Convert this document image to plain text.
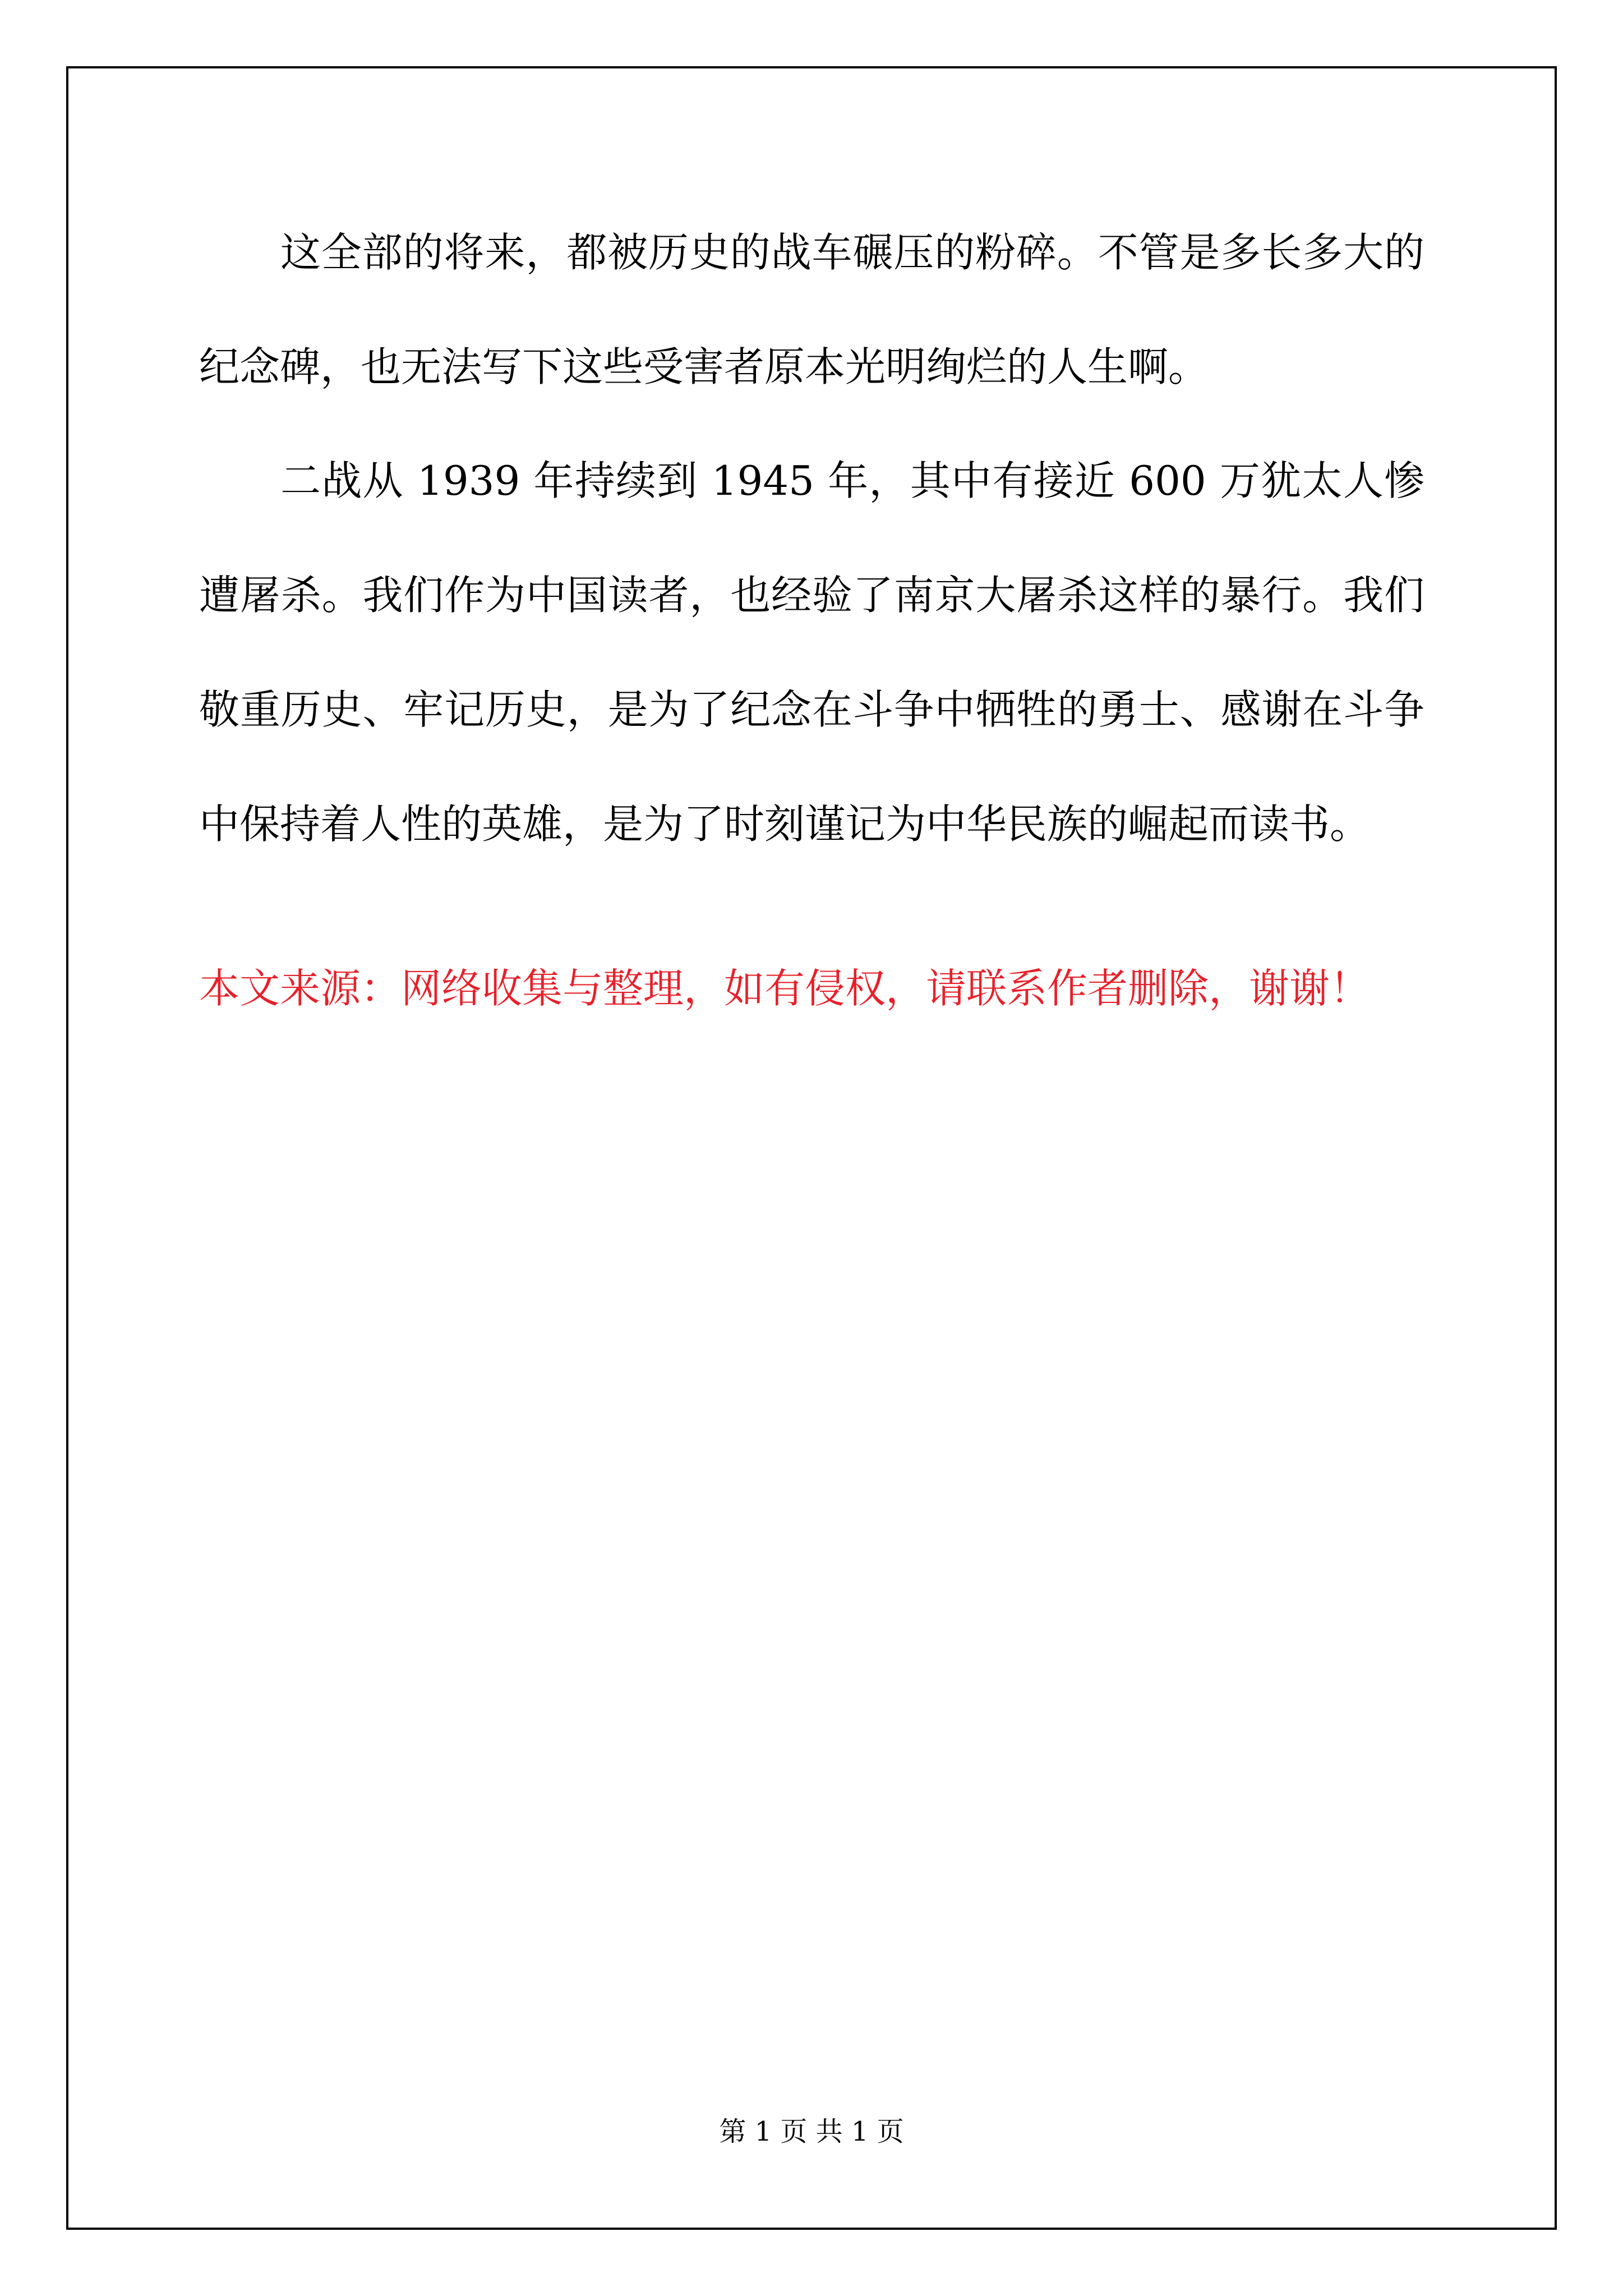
这全部的将来，都被历史的战车碾压的粉碎。不管是多长多大的纪念碑，也无法写下这些受害者原本光明绚烂的人生啊。

二战从 1939 年持续到 1945 年，其中有接近 600 万犹太人惨遭屠杀。我们作为中国读者，也经验了南京大屠杀这样的暴行。我们敬重历史、牢记历史，是为了纪念在斗争中牺牲的勇士、感谢在斗争中保持着人性的英雄，是为了时刻谨记为中华民族的崛起而读书。

本文来源：网络收集与整理，如有侵权，请联系作者删除，谢谢！

第 1 页 共 1 页
